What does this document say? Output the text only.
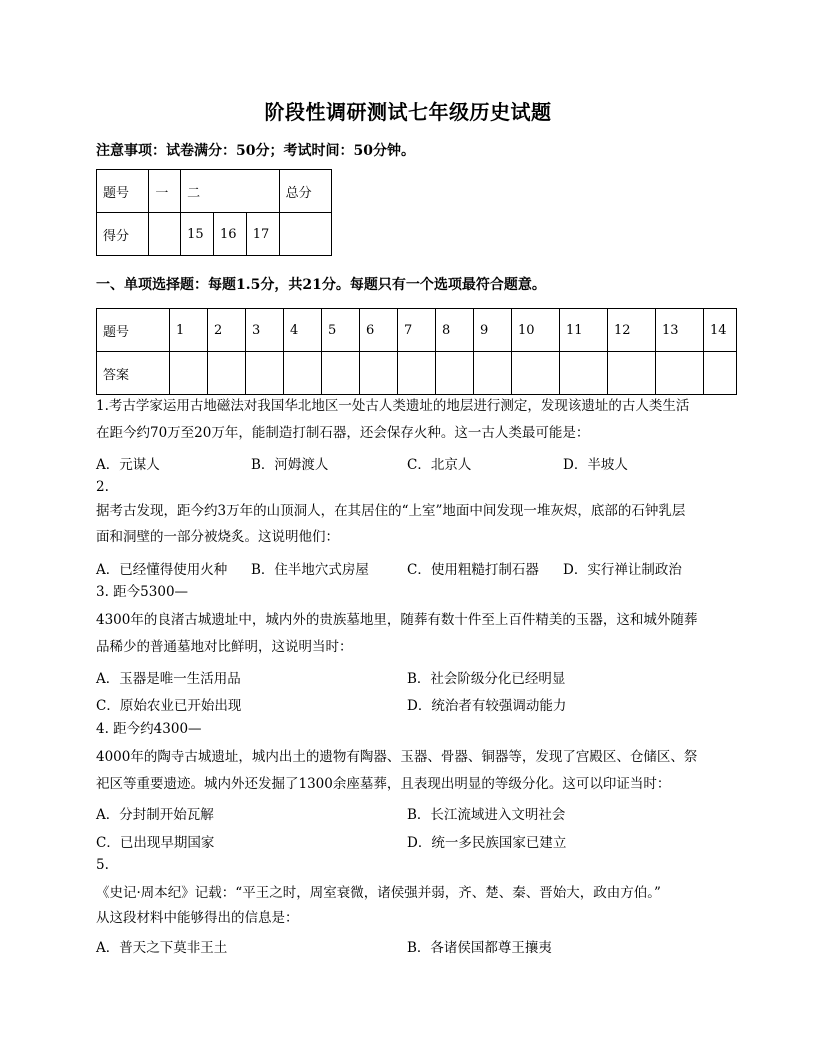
阶段性调研测试七年级历史试题
注意事项：试卷满分：50分；考试时间：50分钟。
题号	一	二			总分
得分		15	16	17	
一、单项选择题：每题1.5分，共21分。每题只有一个选项最符合题意。
题号	1	2	3	4	5	6	7	8	9	10	11	12	13	14
答案														
1.考古学家运用古地磁法对我国华北地区一处古人类遗址的地层进行测定，发现该遗址的古人类生活
在距今约70万至20万年，能制造打制石器，还会保存火种。这一古人类最可能是：
A．元谋人	B．河姆渡人	C．北京人	D．半坡人
2.
据考古发现，距今约3万年的山顶洞人，在其居住的“上室”地面中间发现一堆灰烬，底部的石钟乳层
面和洞壁的一部分被烧炙。这说明他们：
A．已经懂得使用火种 B．住半地穴式房屋	C．使用粗糙打制石器 D．实行禅让制政治
3. 距今5300—
4300年的良渚古城遗址中，城内外的贵族墓地里，随葬有数十件至上百件精美的玉器，这和城外随葬
品稀少的普通墓地对比鲜明，这说明当时：
A．玉器是唯一生活用品	B．社会阶级分化已经明显
C．原始农业已开始出现	D．统治者有较强调动能力
4. 距今约4300—
4000年的陶寺古城遗址，城内出土的遗物有陶器、玉器、骨器、铜器等，发现了宫殿区、仓储区、祭
祀区等重要遗迹。城内外还发掘了1300余座墓葬，且表现出明显的等级分化。这可以印证当时：
A．分封制开始瓦解	B．长江流域进入文明社会
C．已出现早期国家	D．统一多民族国家已建立
5.
《史记·周本纪》记载：“平王之时，周室衰微，诸侯强并弱，齐、楚、秦、晋始大，政由方伯。”
从这段材料中能够得出的信息是：
A．普天之下莫非王土	B．各诸侯国都尊王攘夷
